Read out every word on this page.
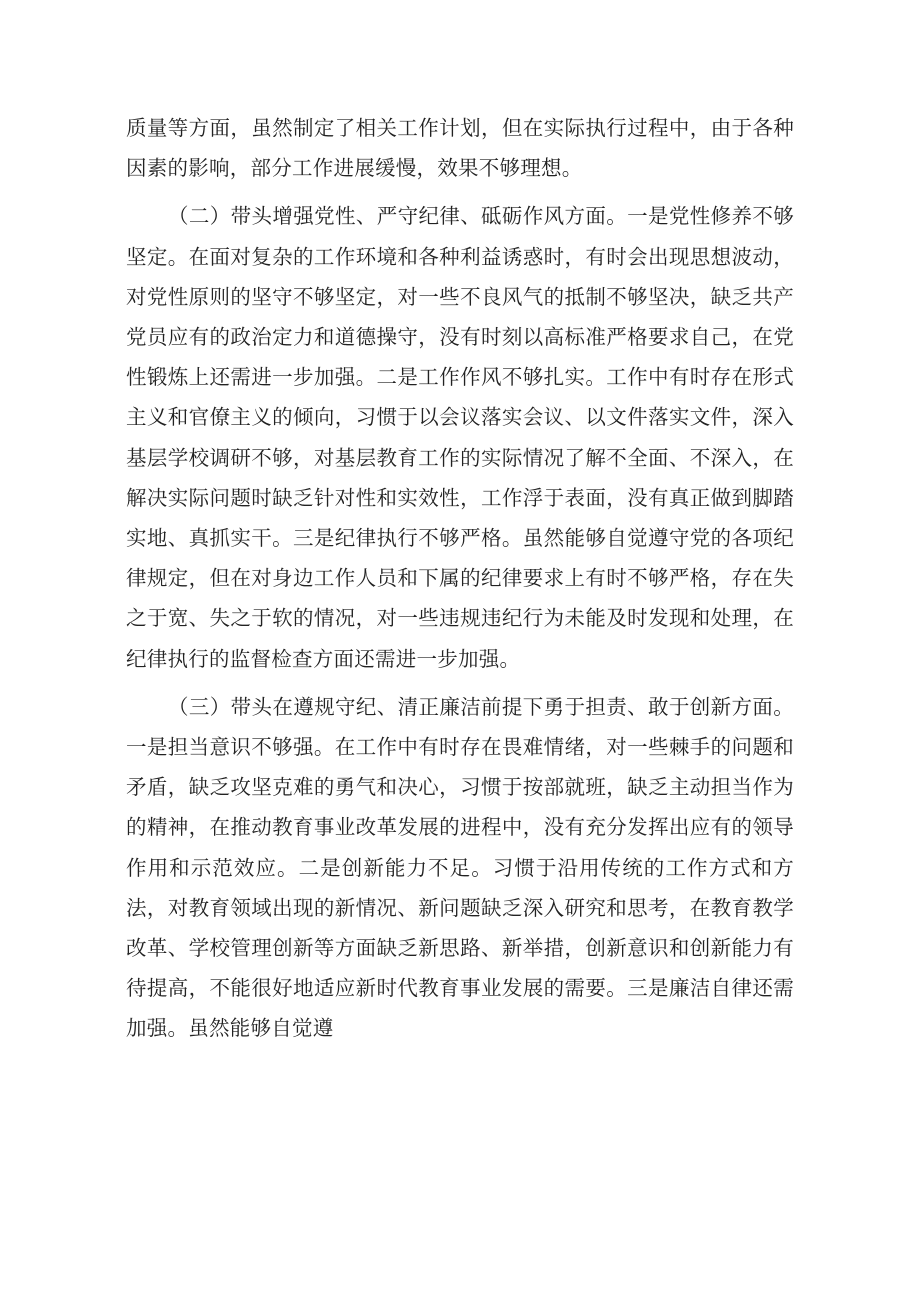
质量等方面，虽然制定了相关工作计划，但在实际执行过程中，由于各种因素的影响，部分工作进展缓慢，效果不够理想。

（二）带头增强党性、严守纪律、砥砺作风方面。一是党性修养不够坚定。在面对复杂的工作环境和各种利益诱惑时，有时会出现思想波动，对党性原则的坚守不够坚定，对一些不良风气的抵制不够坚决，缺乏共产党员应有的政治定力和道德操守，没有时刻以高标准严格要求自己，在党性锻炼上还需进一步加强。二是工作作风不够扎实。工作中有时存在形式主义和官僚主义的倾向，习惯于以会议落实会议、以文件落实文件，深入基层学校调研不够，对基层教育工作的实际情况了解不全面、不深入，在解决实际问题时缺乏针对性和实效性，工作浮于表面，没有真正做到脚踏实地、真抓实干。三是纪律执行不够严格。虽然能够自觉遵守党的各项纪律规定，但在对身边工作人员和下属的纪律要求上有时不够严格，存在失之于宽、失之于软的情况，对一些违规违纪行为未能及时发现和处理，在纪律执行的监督检查方面还需进一步加强。

（三）带头在遵规守纪、清正廉洁前提下勇于担责、敢于创新方面。一是担当意识不够强。在工作中有时存在畏难情绪，对一些棘手的问题和矛盾，缺乏攻坚克难的勇气和决心，习惯于按部就班，缺乏主动担当作为的精神，在推动教育事业改革发展的进程中，没有充分发挥出应有的领导作用和示范效应。二是创新能力不足。习惯于沿用传统的工作方式和方法，对教育领域出现的新情况、新问题缺乏深入研究和思考，在教育教学改革、学校管理创新等方面缺乏新思路、新举措，创新意识和创新能力有待提高，不能很好地适应新时代教育事业发展的需要。三是廉洁自律还需加强。虽然能够自觉遵
